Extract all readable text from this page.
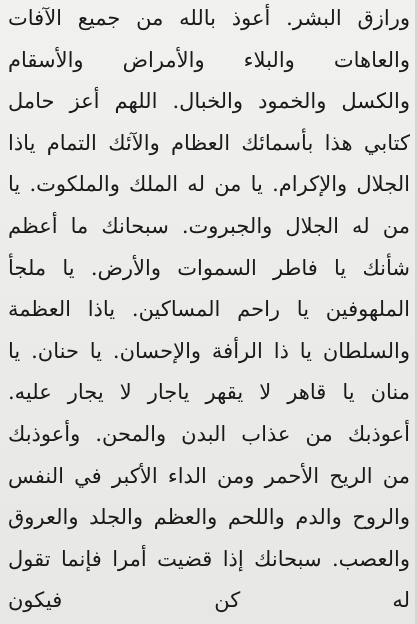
ورازق البشر. أعوذ بالله من جميع الآفات
والعاهات والبلاء والأمراض والأسقام
والكسل والخمود والخبال. اللهم أعز حامل
كتابي هذا بأسمائك العظام والآئك التمام ياذا
الجلال والإكرام. يا من له الملك والملكوت. يا
من له الجلال والجبروت. سبحانك ما أعظم
شأنك يا فاطر السموات والأرض. يا ملجأ
الملهوفين يا راحم المساكين. ياذا العظمة
والسلطان يا ذا الرأفة والإحسان. يا حنان. يا
منان يا قاهر لا يقهر ياجار لا يجار عليه.
أعوذبك من عذاب البدن والمحن. وأعوذبك
من الريح الأحمر ومن الداء الأكبر في النفس
والروح والدم واللحم والعظم والجلد والعروق
والعصب. سبحانك إذا قضيت أمرا فإنما تقول
له كن فيكون
